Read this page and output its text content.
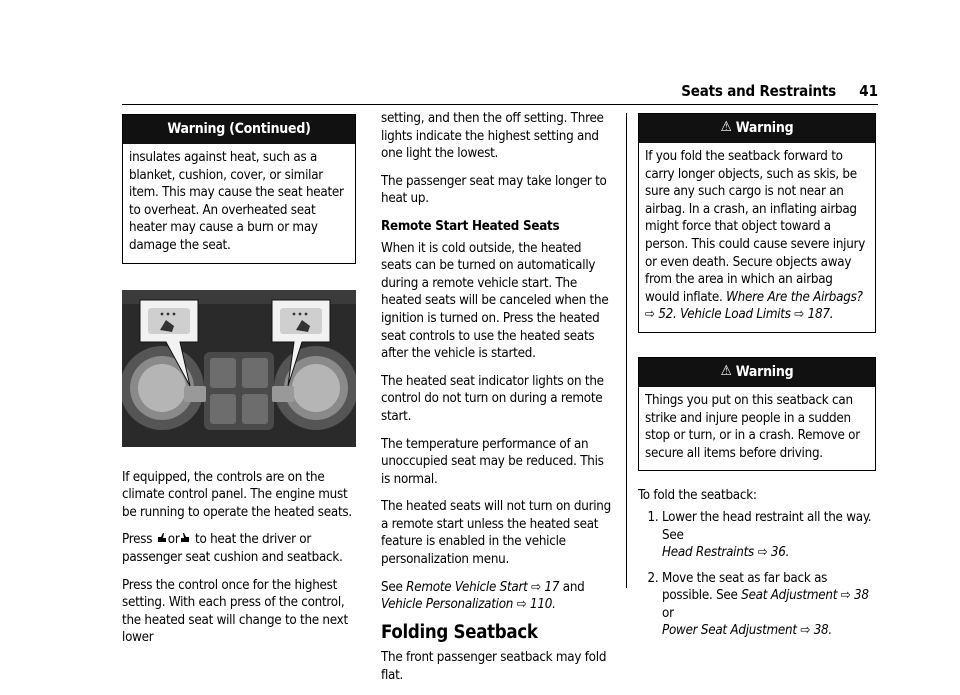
Seats and Restraints 41
Warning (Continued)
insulates against heat, such as a blanket, cushion, cover, or similar item. This may cause the seat heater to overheat. An overheated seat heater may cause a burn or may damage the seat.

If equipped, the controls are on the climate control panel. The engine must be running to operate the heated seats.

Press or to heat the driver or passenger seat cushion and seatback.

Press the control once for the highest setting. With each press of the control, the heated seat will change to the next lower

setting, and then the off setting. Three lights indicate the highest setting and one light the lowest.

The passenger seat may take longer to heat up.

Remote Start Heated Seats

When it is cold outside, the heated seats can be turned on automatically during a remote vehicle start. The heated seats will be canceled when the ignition is turned on. Press the heated seat controls to use the heated seats after the vehicle is started.

The heated seat indicator lights on the control do not turn on during a remote start.

The temperature performance of an unoccupied seat may be reduced. This is normal.

The heated seats will not turn on during a remote start unless the heated seat feature is enabled in the vehicle personalization menu.

See Remote Vehicle Start ⇨ 17 and
Vehicle Personalization ⇨ 110.

Folding Seatback

The front passenger seatback may fold flat.

⚠ Warning
If you fold the seatback forward to carry longer objects, such as skis, be sure any such cargo is not near an airbag. In a crash, an inflating airbag might force that object toward a person. This could cause severe injury or even death. Secure objects away from the area in which an airbag would inflate. Where Are the Airbags? ⇨ 52. Vehicle Load Limits ⇨ 187.
⚠ Warning
Things you put on this seatback can strike and injure people in a sudden stop or turn, or in a crash. Remove or secure all items before driving.

To fold the seatback:

1. Lower the head restraint all the way. See
Head Restraints ⇨ 36.
2. Move the seat as far back as possible. See Seat Adjustment ⇨ 38 or
Power Seat Adjustment ⇨ 38.
